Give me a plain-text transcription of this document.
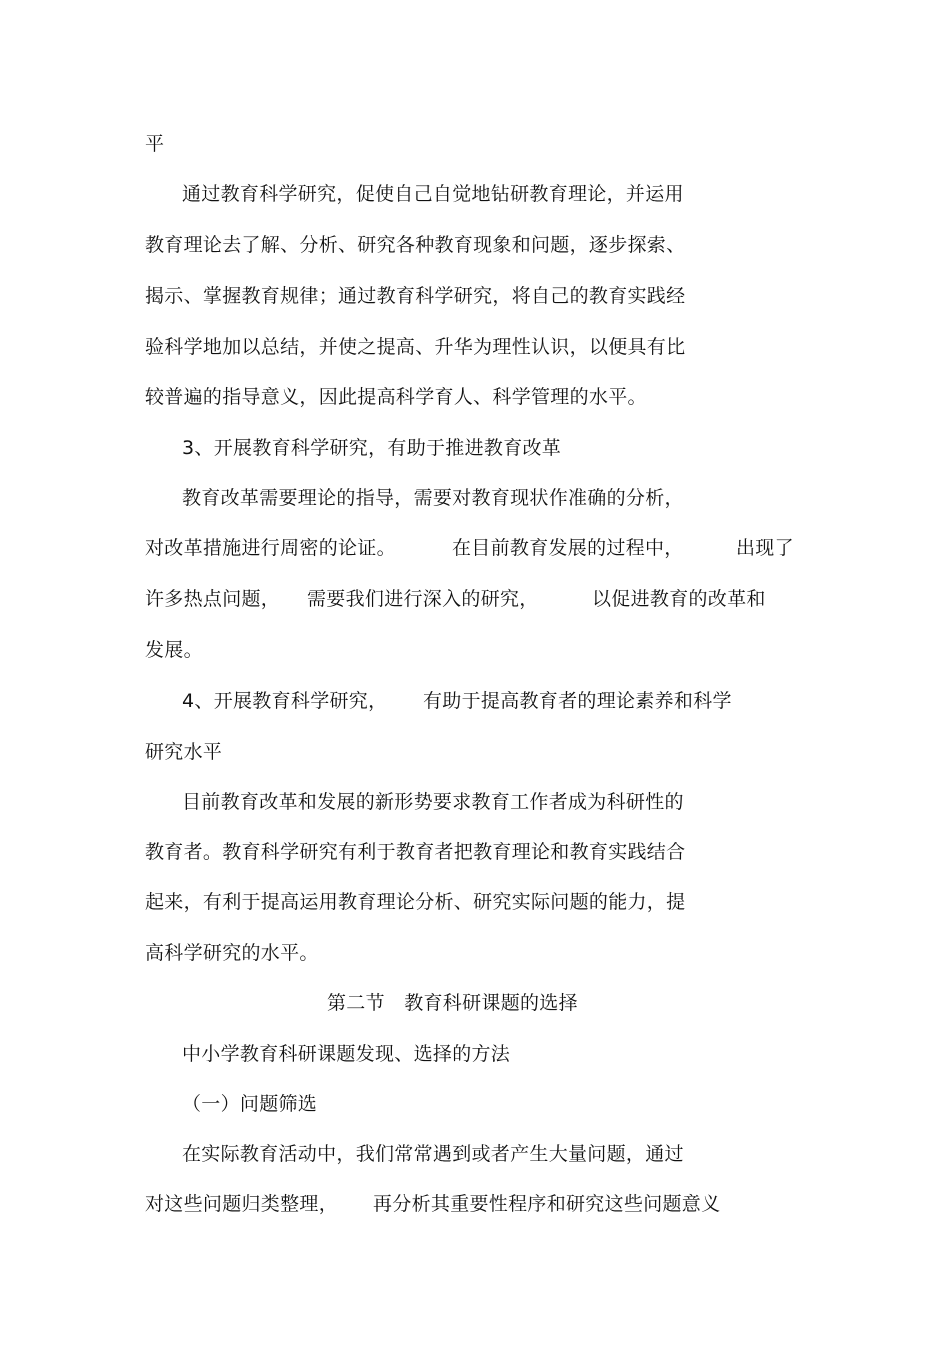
平
通过教育科学研究，促使自己自觉地钻研教育理论，并运用
教育理论去了解、分析、研究各种教育现象和问题，逐步探索、
揭示、掌握教育规律；通过教育科学研究，将自己的教育实践经
验科学地加以总结，并使之提高、升华为理性认识，以便具有比
较普遍的指导意义，因此提高科学育人、科学管理的水平。
3、开展教育科学研究，有助于推进教育改革
教育改革需要理论的指导，需要对教育现状作准确的分析，
对改革措施进行周密的论证。	在目前教育发展的过程中，	出现了
许多热点问题， 需要我们进行深入的研究，	以促进教育的改革和
发展。
4、开展教育科学研究， 有助于提高教育者的理论素养和科学
研究水平
目前教育改革和发展的新形势要求教育工作者成为科研性的
教育者。教育科学研究有利于教育者把教育理论和教育实践结合
起来，有利于提高运用教育理论分析、研究实际问题的能力，提
高科学研究的水平。
第二节　教育科研课题的选择
中小学教育科研课题发现、选择的方法
（一）问题筛选
在实际教育活动中，我们常常遇到或者产生大量问题，通过
对这些问题归类整理， 再分析其重要性程序和研究这些问题意义
